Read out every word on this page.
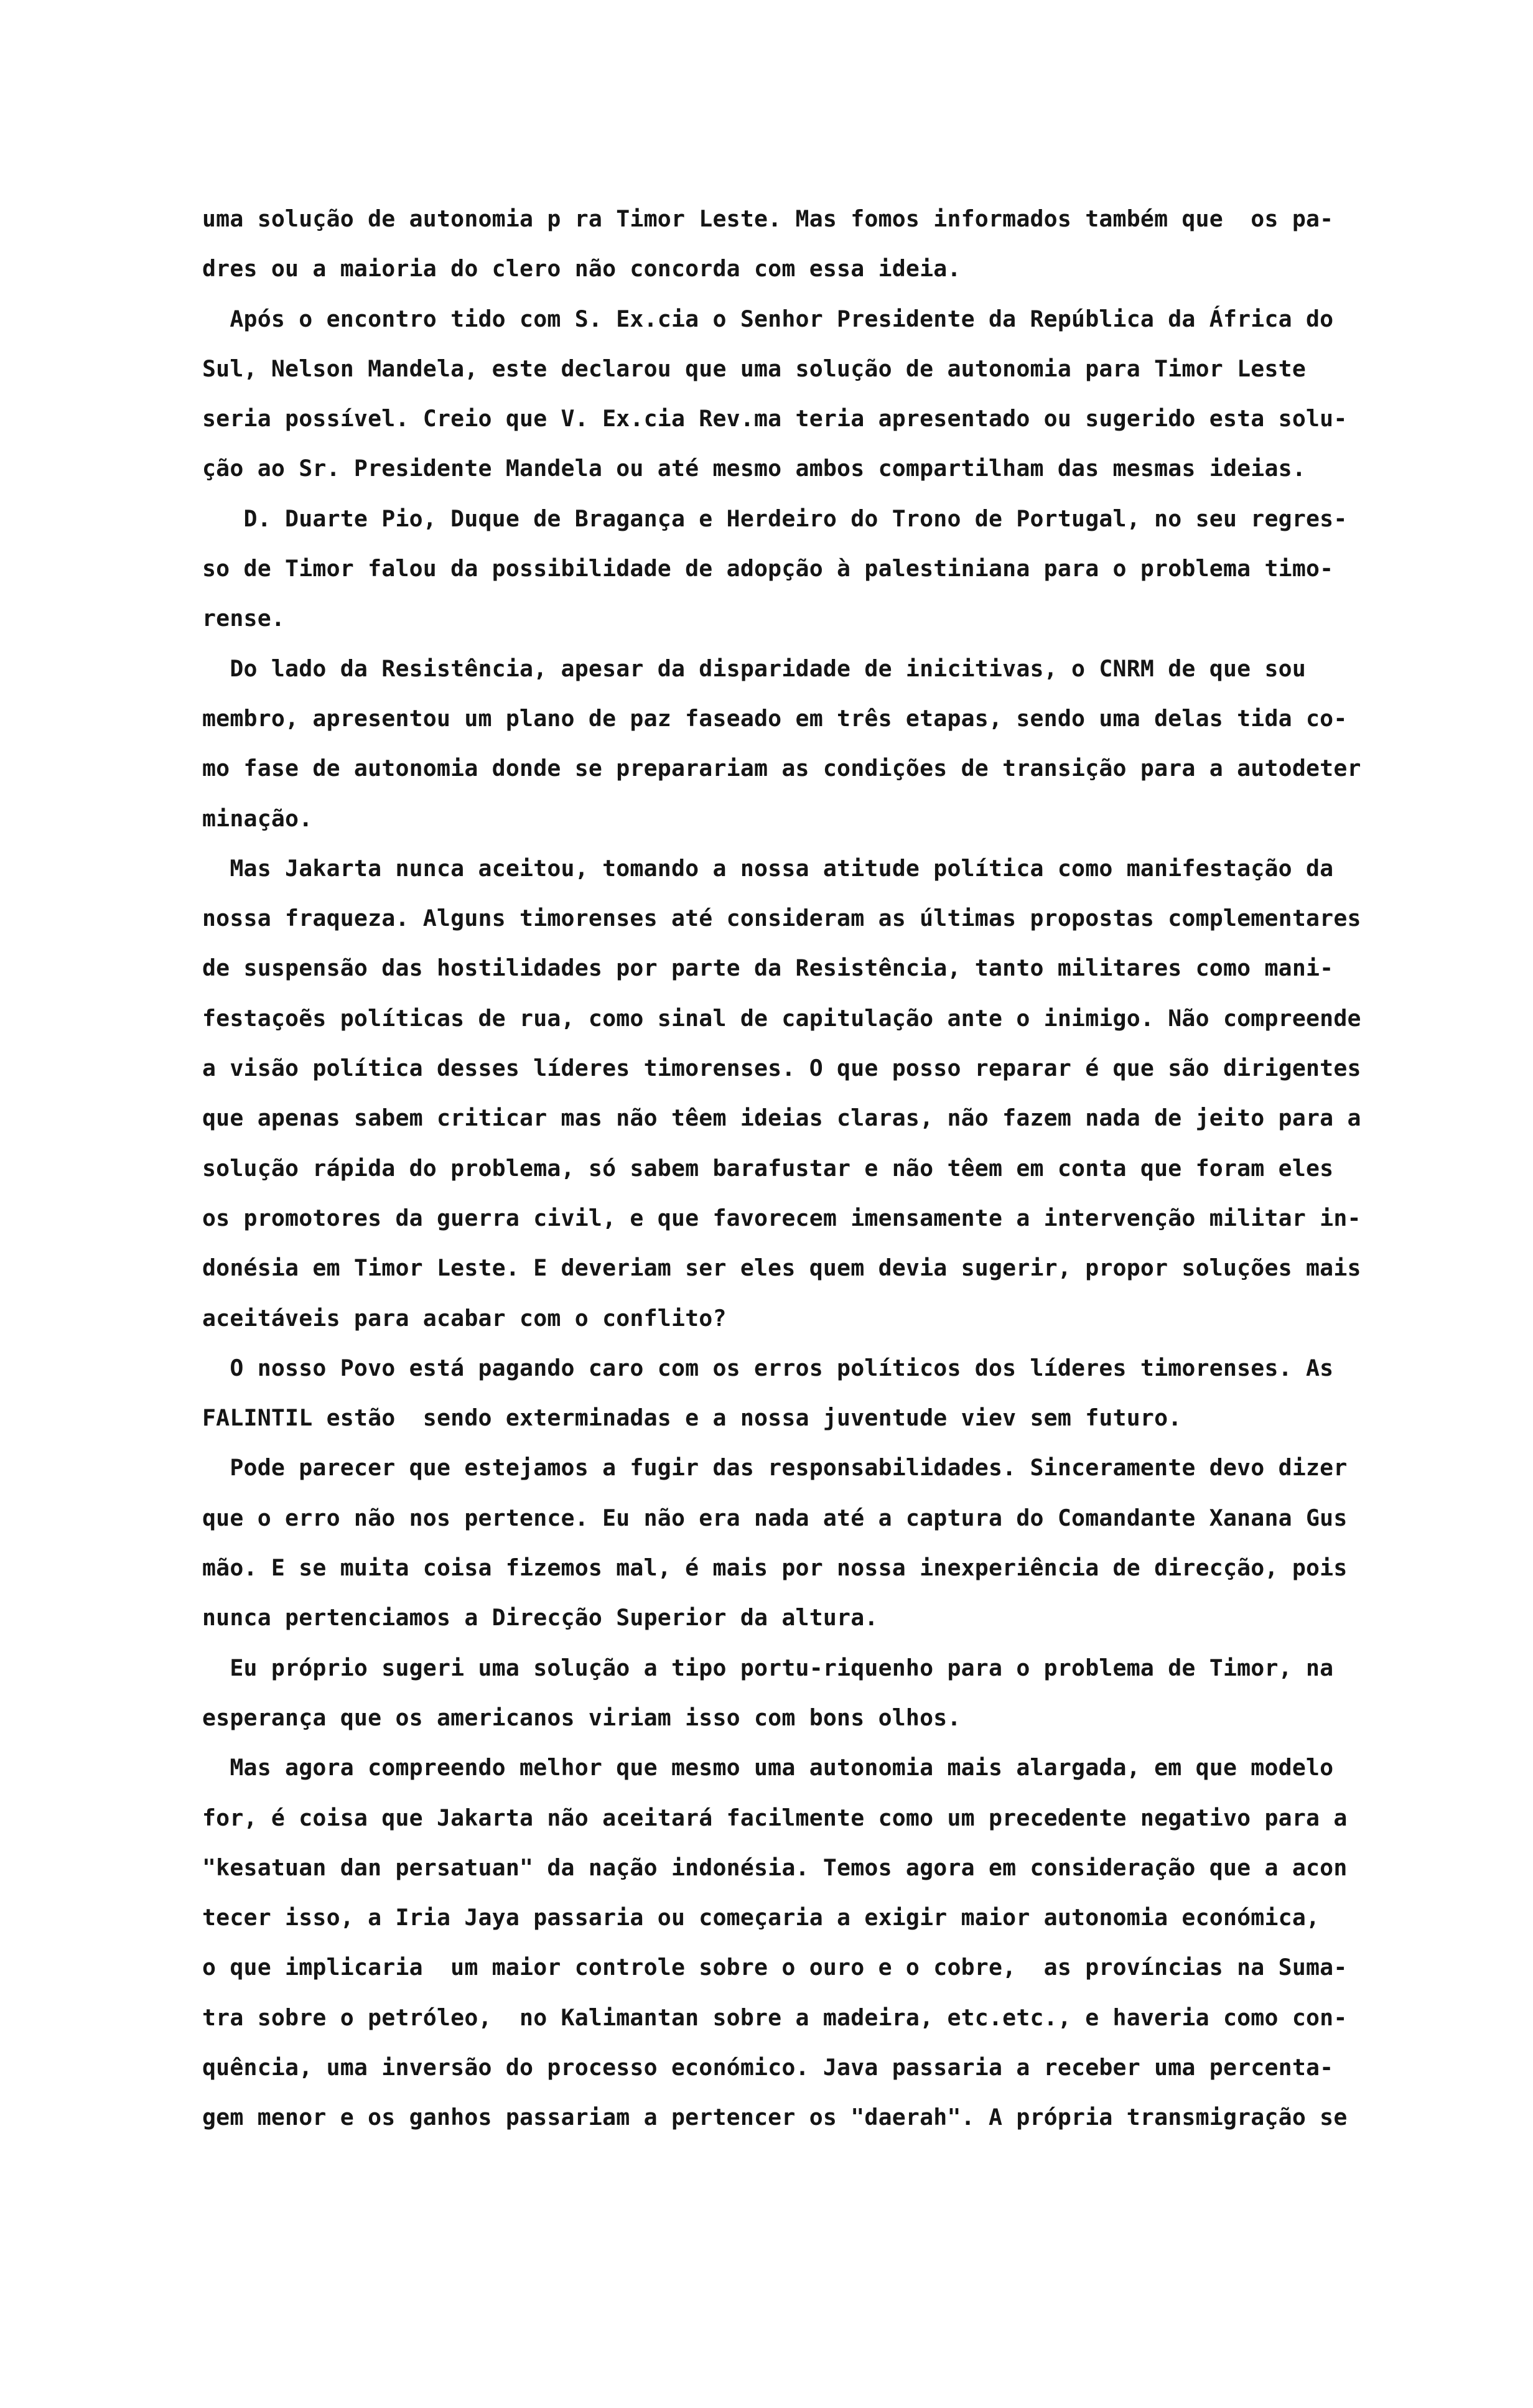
uma solução de autonomia p ra Timor Leste. Mas fomos informados também que  os pa-
dres ou a maioria do clero não concorda com essa ideia.
Após o encontro tido com S. Ex.cia o Senhor Presidente da República da África do
Sul, Nelson Mandela, este declarou que uma solução de autonomia para Timor Leste
seria possível. Creio que V. Ex.cia Rev.ma teria apresentado ou sugerido esta solu-
ção ao Sr. Presidente Mandela ou até mesmo ambos compartilham das mesmas ideias.
D. Duarte Pio, Duque de Bragança e Herdeiro do Trono de Portugal, no seu regres-
so de Timor falou da possibilidade de adopção à palestiniana para o problema timo-
rense.
Do lado da Resistência, apesar da disparidade de inicitivas, o CNRM de que sou
membro, apresentou um plano de paz faseado em três etapas, sendo uma delas tida co-
mo fase de autonomia donde se preparariam as condições de transição para a autodeter
minação.
Mas Jakarta nunca aceitou, tomando a nossa atitude política como manifestação da
nossa fraqueza. Alguns timorenses até consideram as últimas propostas complementares
de suspensão das hostilidades por parte da Resistência, tanto militares como mani-
festaçoẽs políticas de rua, como sinal de capitulação ante o inimigo. Não compreende
a visão política desses líderes timorenses. O que posso reparar é que são dirigentes
que apenas sabem criticar mas não têem ideias claras, não fazem nada de jeito para a
solução rápida do problema, só sabem barafustar e não têem em conta que foram eles
os promotores da guerra civil, e que favorecem imensamente a intervenção militar in-
donésia em Timor Leste. E deveriam ser eles quem devia sugerir, propor soluções mais
aceitáveis para acabar com o conflito?
O nosso Povo está pagando caro com os erros políticos dos líderes timorenses. As
FALINTIL estão  sendo exterminadas e a nossa juventude viev sem futuro.
Pode parecer que estejamos a fugir das responsabilidades. Sinceramente devo dizer
que o erro não nos pertence. Eu não era nada até a captura do Comandante Xanana Gus
mão. E se muita coisa fizemos mal, é mais por nossa inexperiência de direcção, pois
nunca pertenciamos a Direcção Superior da altura.
Eu próprio sugeri uma solução a tipo portu-riquenho para o problema de Timor, na
esperança que os americanos viriam isso com bons olhos.
Mas agora compreendo melhor que mesmo uma autonomia mais alargada, em que modelo
for, é coisa que Jakarta não aceitará facilmente como um precedente negativo para a
"kesatuan dan persatuan" da nação indonésia. Temos agora em consideração que a acon
tecer isso, a Iria Jaya passaria ou começaria a exigir maior autonomia económica,
o que implicaria  um maior controle sobre o ouro e o cobre,  as províncias na Suma-
tra sobre o petróleo,  no Kalimantan sobre a madeira, etc.etc., e haveria como con-
quência, uma inversão do processo económico. Java passaria a receber uma percenta-
gem menor e os ganhos passariam a pertencer os "daerah". A própria transmigração se
